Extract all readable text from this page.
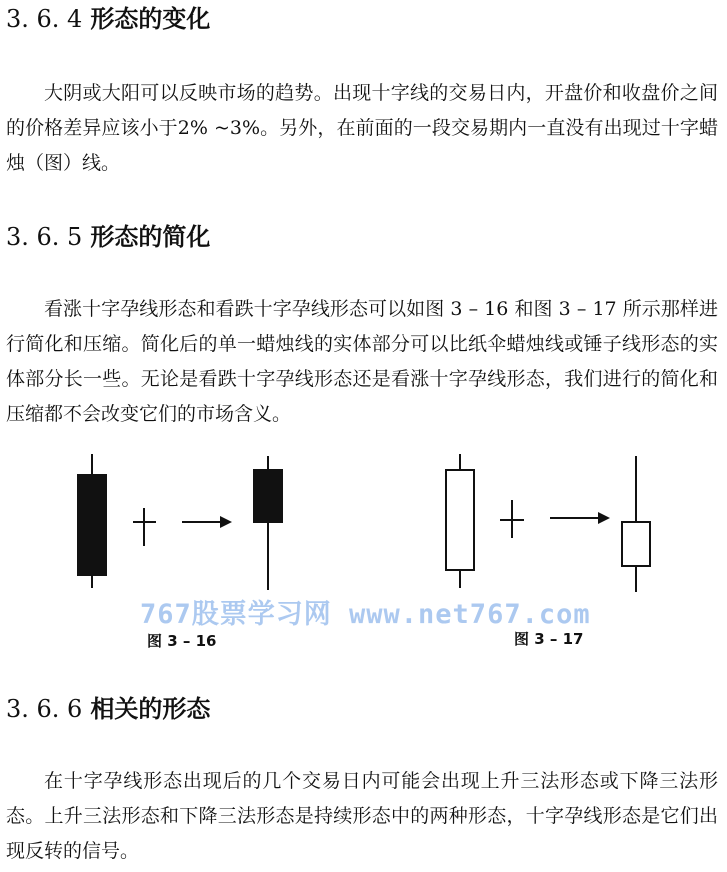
3. 6. 4 形态的变化

大阴或大阳可以反映市场的趋势。出现十字线的交易日内，开盘价和收盘价之间的价格差异应该小于2% ~3%。另外，在前面的一段交易期内一直没有出现过十字蜡烛（图）线。

3. 6. 5 形态的简化

看涨十字孕线形态和看跌十字孕线形态可以如图 3 – 16 和图 3 – 17 所示那样进行简化和压缩。简化后的单一蜡烛线的实体部分可以比纸伞蜡烛线或锤子线形态的实体部分长一些。无论是看跌十字孕线形态还是看涨十字孕线形态，我们进行的简化和压缩都不会改变它们的市场含义。

图 3 – 16	图 3 – 17
767股票学习网 www.net767.com
3. 6. 6 相关的形态

在十字孕线形态出现后的几个交易日内可能会出现上升三法形态或下降三法形态。上升三法形态和下降三法形态是持续形态中的两种形态，十字孕线形态是它们出现反转的信号。
